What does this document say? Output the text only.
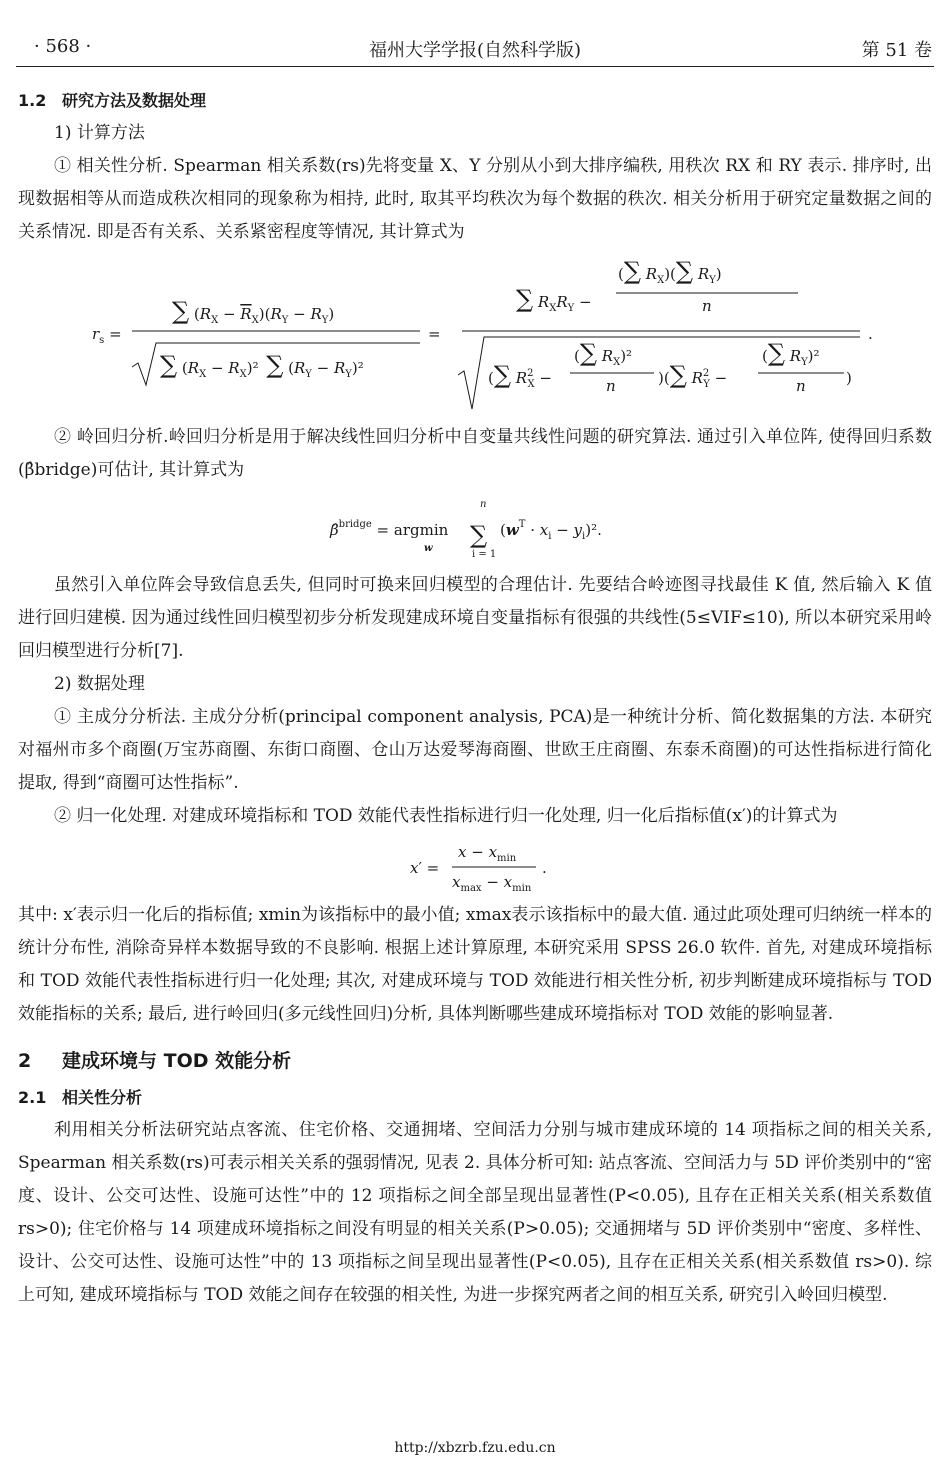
福州大学学报(自然科学版)
· 568 ·	第 51 卷
1.2 研究方法及数据处理
1) 计算方法
① 相关性分析. Spearman 相关系数(rs)先将变量 X、Y 分别从小到大排序编秩, 用秩次 RX 和 RY 表示. 排序时, 出现数据相等从而造成秩次相同的现象称为相持, 此时, 取其平均秩次为每个数据的秩次. 相关分析用于研究定量数据之间的关系情况. 即是否有关系、关系紧密程度等情况, 其计算式为
$r_s$ =
∑ $(R_X - R_X)(R_Y - R_Y)$
∑ $(R_X - R_X)^2$ ∑ $(R_Y - R_Y)^2$
=
∑ $R_XR_Y$ −
(∑ $R_X)(\sum$ $R_Y$)
n
(∑ $R^2$ X −
(∑ $R_X)^2$
n	)(∑ $R^2$ Y −
(∑ $R_Y)^2$
n	)
.
② 岭回归分析.岭回归分析是用于解决线性回归分析中自变量共线性问题的研究算法. 通过引入单位阵, 使得回归系数(β̂bridge)可估计, 其计算式为
β̂$^{bridge}$ = argmin
w
n
∑
i = 1
$(w^T \cdot x_i - y_i)^2$.
虽然引入单位阵会导致信息丢失, 但同时可换来回归模型的合理估计. 先要结合岭迹图寻找最佳 K 值, 然后输入 K 值进行回归建模. 因为通过线性回归模型初步分析发现建成环境自变量指标有很强的共线性(5≤VIF≤10), 所以本研究采用岭回归模型进行分析[7].
2) 数据处理
① 主成分分析法. 主成分分析(principal component analysis, PCA)是一种统计分析、简化数据集的方法. 本研究对福州市多个商圈(万宝苏商圈、东街口商圈、仓山万达爱琴海商圈、世欧王庄商圈、东泰禾商圈)的可达性指标进行简化提取, 得到“商圈可达性指标”.
② 归一化处理. 对建成环境指标和 TOD 效能代表性指标进行归一化处理, 归一化后指标值(x′)的计算式为
x′ =
$x - x_{min}$
$x_{max} - x_{min}$
.
其中: x′表示归一化后的指标值; xmin为该指标中的最小值; xmax表示该指标中的最大值. 通过此项处理可归纳统一样本的统计分布性, 消除奇异样本数据导致的不良影响. 根据上述计算原理, 本研究采用 SPSS 26.0 软件. 首先, 对建成环境指标和 TOD 效能代表性指标进行归一化处理; 其次, 对建成环境与 TOD 效能进行相关性分析, 初步判断建成环境指标与 TOD 效能指标的关系; 最后, 进行岭回归(多元线性回归)分析, 具体判断哪些建成环境指标对 TOD 效能的影响显著.
2 建成环境与 TOD 效能分析
2.1 相关性分析
利用相关分析法研究站点客流、住宅价格、交通拥堵、空间活力分别与城市建成环境的 14 项指标之间的相关关系, Spearman 相关系数(rs)可表示相关关系的强弱情况, 见表 2. 具体分析可知: 站点客流、空间活力与 5D 评价类别中的“密度、设计、公交可达性、设施可达性”中的 12 项指标之间全部呈现出显著性(P<0.05), 且存在正相关关系(相关系数值 rs>0); 住宅价格与 14 项建成环境指标之间没有明显的相关关系(P>0.05); 交通拥堵与 5D 评价类别中“密度、多样性、设计、公交可达性、设施可达性”中的 13 项指标之间呈现出显著性(P<0.05), 且存在正相关关系(相关系数值 rs>0). 综上可知, 建成环境指标与 TOD 效能之间存在较强的相关性, 为进一步探究两者之间的相互关系, 研究引入岭回归模型.
http://xbzrb.fzu.edu.cn
